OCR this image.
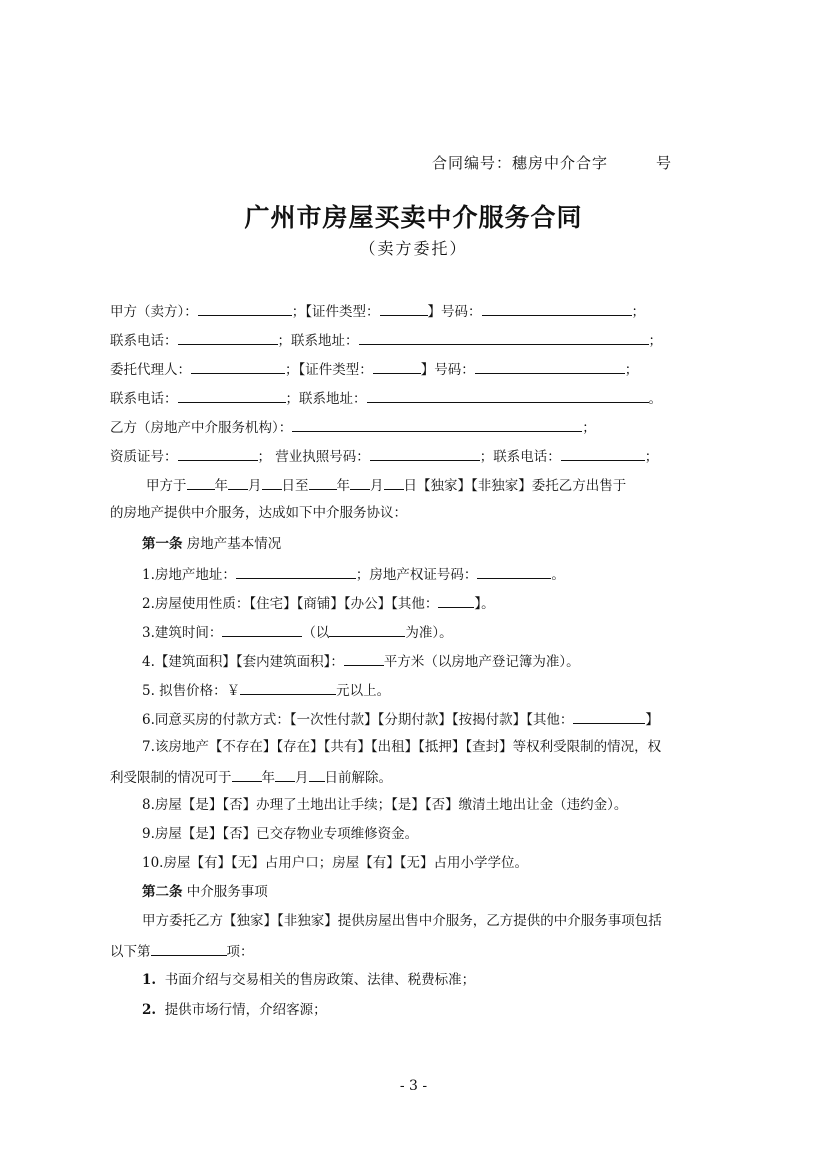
合同编号：穗房中介合字	号
广州市房屋买卖中介服务合同
（卖方委托）
甲方（卖方）：	；【证件类型：	】号码：	；
联系电话：	；联系地址：	；
委托代理人：	；【证件类型：	】号码：	；
联系电话：	；联系地址：	。
乙方（房地产中介服务机构）：	；
资质证号：	； 营业执照号码：	；联系电话：	；
甲方于 年 月 日至 年 月 日【独家】【非独家】委托乙方出售于
的房地产提供中介服务，达成如下中介服务协议：
第一条 房地产基本情况
1.房地产地址：	；房地产权证号码：	。
2.房屋使用性质：【住宅】【商铺】【办公】【其他：	】。
3.建筑时间：	（以	为准）。
4.【建筑面积】【套内建筑面积】：	平方米（以房地产登记簿为准）。
5. 拟售价格：￥	元以上。
6.同意买房的付款方式：【一次性付款】【分期付款】【按揭付款】【其他：	】
7.该房地产【不存在】【存在】【共有】【出租】【抵押】【查封】等权利受限制的情况，权
利受限制的情况可于 年 月 日前解除。
8.房屋【是】【否】办理了土地出让手续；【是】【否】缴清土地出让金（违约金）。
9.房屋【是】【否】已交存物业专项维修资金。
10.房屋【有】【无】占用户口；房屋【有】【无】占用小学学位。
第二条 中介服务事项
甲方委托乙方【独家】【非独家】提供房屋出售中介服务，乙方提供的中介服务事项包括
以下第	项：
1. 书面介绍与交易相关的售房政策、法律、税费标准；
2. 提供市场行情，介绍客源；
- 3 -
